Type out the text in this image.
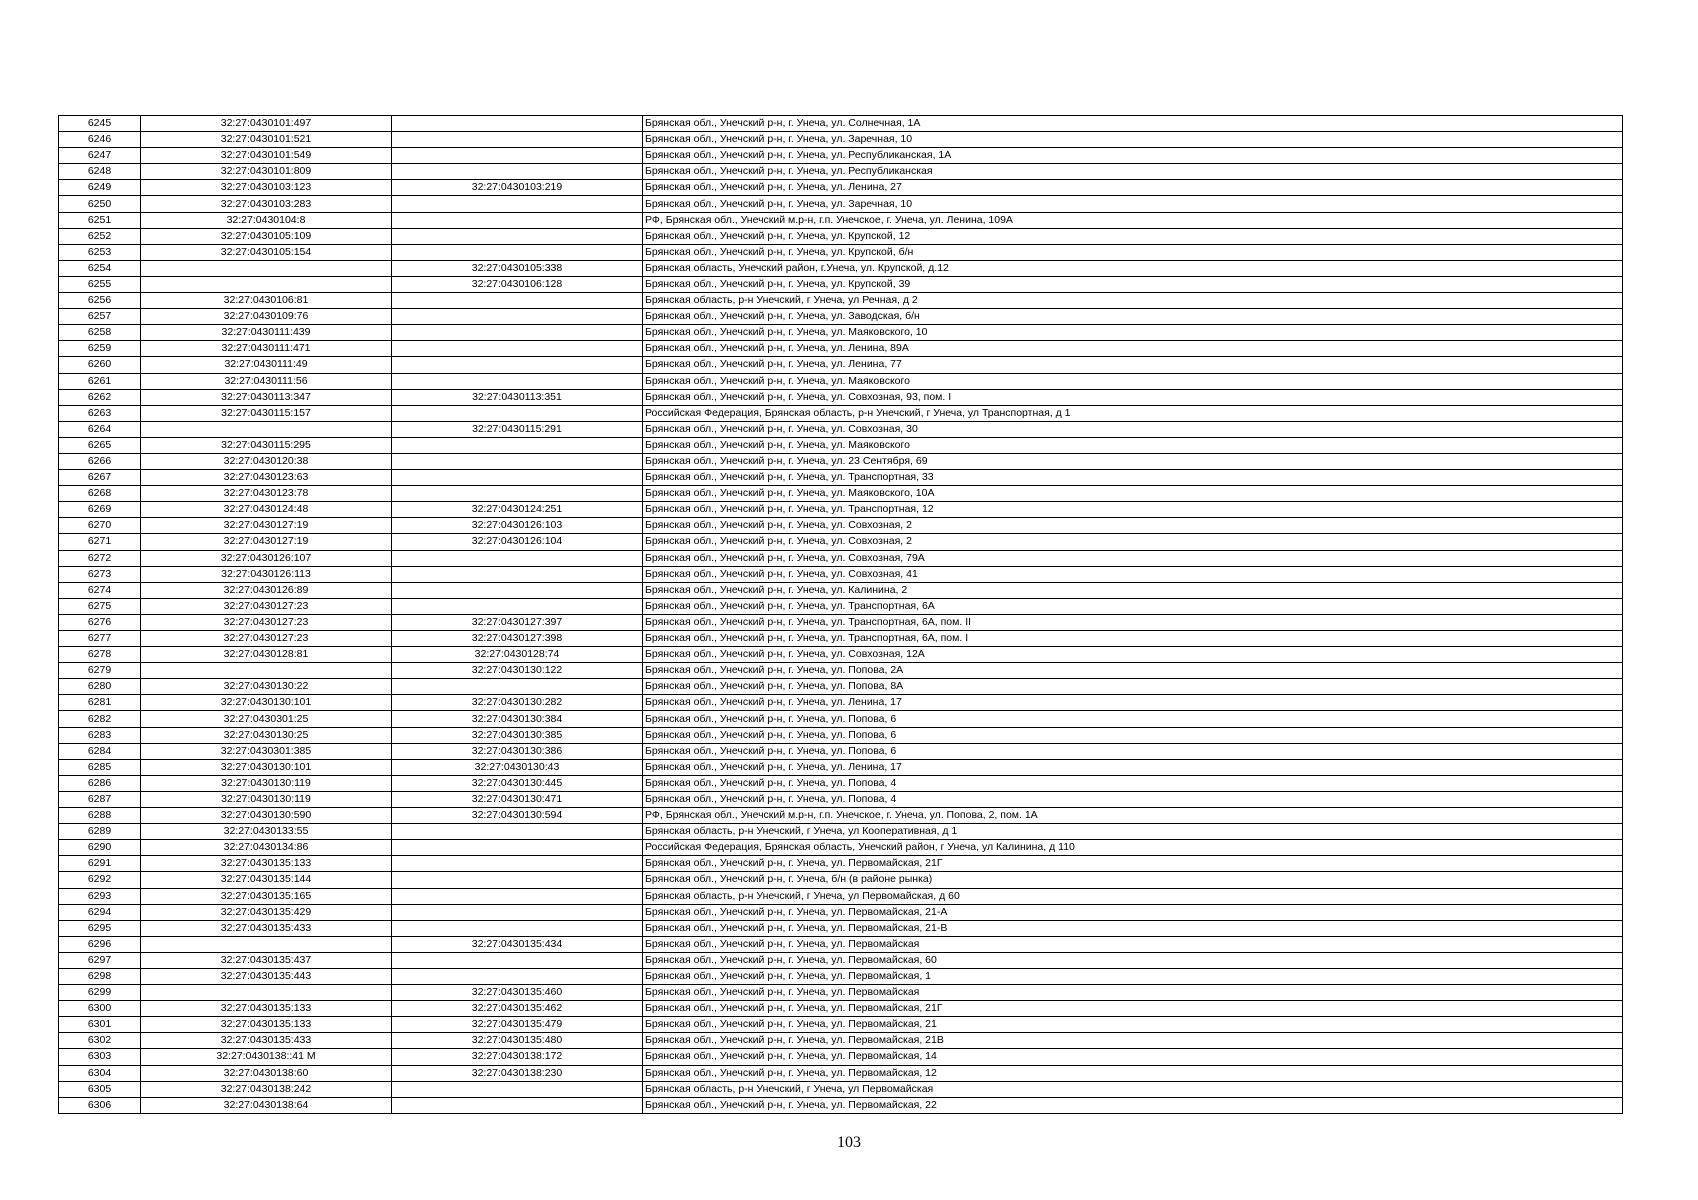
6245	32:27:0430101:497		Брянская обл., Унечский р-н, г. Унеча, ул. Солнечная, 1А
6246	32:27:0430101:521		Брянская обл., Унечский р-н, г. Унеча, ул. Заречная, 10
6247	32:27:0430101:549		Брянская обл., Унечский р-н, г. Унеча, ул. Республиканская, 1А
6248	32:27:0430101:809		Брянская обл., Унечский р-н, г. Унеча, ул. Республиканская
6249	32:27:0430103:123	32:27:0430103:219	Брянская обл., Унечский р-н, г. Унеча, ул. Ленина, 27
6250	32:27:0430103:283		Брянская обл., Унечский р-н, г. Унеча, ул. Заречная, 10
6251	32:27:0430104:8		РФ, Брянская обл., Унечский м.р-н, г.п. Унечское, г. Унеча, ул. Ленина, 109А
6252	32:27:0430105:109		Брянская обл., Унечский р-н, г. Унеча, ул. Крупской, 12
6253	32:27:0430105:154		Брянская обл., Унечский р-н, г. Унеча, ул. Крупской, б/н
6254		32:27:0430105:338	Брянская область, Унечский район, г.Унеча, ул. Крупской, д.12
6255		32:27:0430106:128	Брянская обл., Унечский р-н, г. Унеча, ул. Крупской, 39
6256	32:27:0430106:81		Брянская область, р-н Унечский, г Унеча, ул Речная, д 2
6257	32:27:0430109:76		Брянская обл., Унечский р-н, г. Унеча, ул. Заводская, б/н
6258	32:27:0430111:439		Брянская обл., Унечский р-н, г. Унеча, ул. Маяковского, 10
6259	32:27:0430111:471		Брянская обл., Унечский р-н, г. Унеча, ул. Ленина, 89А
6260	32:27:0430111:49		Брянская обл., Унечский р-н, г. Унеча, ул. Ленина, 77
6261	32:27:0430111:56		Брянская обл., Унечский р-н, г. Унеча, ул. Маяковского
6262	32:27:0430113:347	32:27:0430113:351	Брянская обл., Унечский р-н, г. Унеча, ул. Совхозная, 93, пом. I
6263	32:27:0430115:157		Российская Федерация, Брянская область, р-н Унечский, г Унеча, ул Транспортная, д 1
6264		32:27:0430115:291	Брянская обл., Унечский р-н, г. Унеча, ул. Совхозная, 30
6265	32:27:0430115:295		Брянская обл., Унечский р-н, г. Унеча, ул. Маяковского
6266	32:27:0430120:38		Брянская обл., Унечский р-н, г. Унеча, ул. 23 Сентября, 69
6267	32:27:0430123:63		Брянская обл., Унечский р-н, г. Унеча, ул. Транспортная, 33
6268	32:27:0430123:78		Брянская обл., Унечский р-н, г. Унеча, ул. Маяковского, 10А
6269	32:27:0430124:48	32:27:0430124:251	Брянская обл., Унечский р-н, г. Унеча, ул. Транспортная, 12
6270	32:27:0430127:19	32:27:0430126:103	Брянская обл., Унечский р-н, г. Унеча, ул. Совхозная, 2
6271	32:27:0430127:19	32:27:0430126:104	Брянская обл., Унечский р-н, г. Унеча, ул. Совхозная, 2
6272	32:27:0430126:107		Брянская обл., Унечский р-н, г. Унеча, ул. Совхозная, 79А
6273	32:27:0430126:113		Брянская обл., Унечский р-н, г. Унеча, ул. Совхозная, 41
6274	32:27:0430126:89		Брянская обл., Унечский р-н, г. Унеча, ул. Калинина, 2
6275	32:27:0430127:23		Брянская обл., Унечский р-н, г. Унеча, ул. Транспортная, 6А
6276	32:27:0430127:23	32:27:0430127:397	Брянская обл., Унечский р-н, г. Унеча, ул. Транспортная, 6А, пом. II
6277	32:27:0430127:23	32:27:0430127:398	Брянская обл., Унечский р-н, г. Унеча, ул. Транспортная, 6А, пом. I
6278	32:27:0430128:81	32:27:0430128:74	Брянская обл., Унечский р-н, г. Унеча, ул. Совхозная, 12А
6279		32:27:0430130:122	Брянская обл., Унечский р-н, г. Унеча, ул. Попова, 2А
6280	32:27:0430130:22		Брянская обл., Унечский р-н, г. Унеча, ул. Попова, 8А
6281	32:27:0430130:101	32:27:0430130:282	Брянская обл., Унечский р-н, г. Унеча, ул. Ленина, 17
6282	32:27:0430301:25	32:27:0430130:384	Брянская обл., Унечский р-н, г. Унеча, ул. Попова, 6
6283	32:27:0430130:25	32:27:0430130:385	Брянская обл., Унечский р-н, г. Унеча, ул. Попова, 6
6284	32:27:0430301:385	32:27:0430130:386	Брянская обл., Унечский р-н, г. Унеча, ул. Попова, 6
6285	32:27:0430130:101	32:27:0430130:43	Брянская обл., Унечский р-н, г. Унеча, ул. Ленина, 17
6286	32:27:0430130:119	32:27:0430130:445	Брянская обл., Унечский р-н, г. Унеча, ул. Попова, 4
6287	32:27:0430130:119	32:27:0430130:471	Брянская обл., Унечский р-н, г. Унеча, ул. Попова, 4
6288	32:27:0430130:590	32:27:0430130:594	РФ, Брянская обл., Унечский м.р-н, г.п. Унечское, г. Унеча, ул. Попова, 2, пом. 1А
6289	32:27:0430133:55		Брянская область, р-н Унечский, г Унеча, ул Кооперативная, д 1
6290	32:27:0430134:86		Российская Федерация, Брянская область, Унечский район, г Унеча, ул Калинина, д 110
6291	32:27:0430135:133		Брянская обл., Унечский р-н, г. Унеча, ул. Первомайская, 21Г
6292	32:27:0430135:144		Брянская обл., Унечский р-н, г. Унеча, б/н (в районе рынка)
6293	32:27:0430135:165		Брянская область, р-н Унечский, г Унеча, ул Первомайская, д 60
6294	32:27:0430135:429		Брянская обл., Унечский р-н, г. Унеча, ул. Первомайская, 21-А
6295	32:27:0430135:433		Брянская обл., Унечский р-н, г. Унеча, ул. Первомайская, 21-В
6296		32:27:0430135:434	Брянская обл., Унечский р-н, г. Унеча, ул. Первомайская
6297	32:27:0430135:437		Брянская обл., Унечский р-н, г. Унеча, ул. Первомайская, 60
6298	32:27:0430135:443		Брянская обл., Унечский р-н, г. Унеча, ул. Первомайская, 1
6299		32:27:0430135:460	Брянская обл., Унечский р-н, г. Унеча, ул. Первомайская
6300	32:27:0430135:133	32:27:0430135:462	Брянская обл., Унечский р-н, г. Унеча, ул. Первомайская, 21Г
6301	32:27:0430135:133	32:27:0430135:479	Брянская обл., Унечский р-н, г. Унеча, ул. Первомайская, 21
6302	32:27:0430135:433	32:27:0430135:480	Брянская обл., Унечский р-н, г. Унеча, ул. Первомайская, 21В
6303	32:27:0430138::41 М	32:27:0430138:172	Брянская обл., Унечский р-н, г. Унеча, ул. Первомайская, 14
6304	32:27:0430138:60	32:27:0430138:230	Брянская обл., Унечский р-н, г. Унеча, ул. Первомайская, 12
6305	32:27:0430138:242		Брянская область, р-н Унечский, г Унеча, ул Первомайская
6306	32:27:0430138:64		Брянская обл., Унечский р-н, г. Унеча, ул. Первомайская, 22
103
